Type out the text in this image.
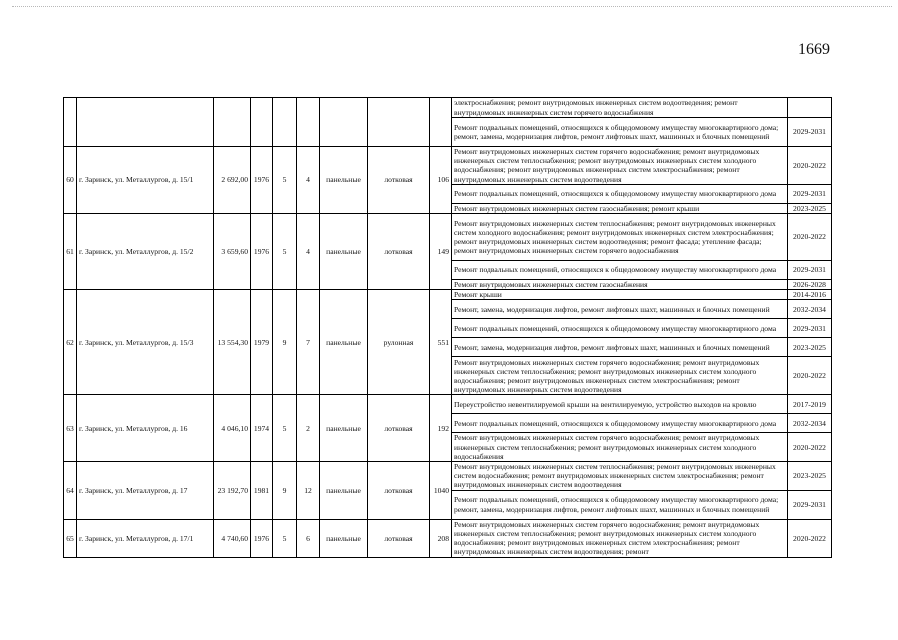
1669
									электроснабжения; ремонт внутридомовых инженерных систем водоотведения; ремонт внутридомовых инженерных систем горячего водоснабжения	
									Ремонт подвальных помещений, относящихся к общедомовому имуществу многоквартирного дома; ремонт, замена, модернизация лифтов, ремонт лифтовых шахт, машинных и блочных помещений	2029-2031
60	г. Заринск, ул. Металлургов, д. 15/1	2 692,00	1976	5	4	панельные	лотковая	106	Ремонт внутридомовых инженерных систем горячего водоснабжения; ремонт внутридомовых инженерных систем теплоснабжения; ремонт внутридомовых инженерных систем холодного водоснабжения; ремонт внутридомовых инженерных систем электроснабжения; ремонт внутридомовых инженерных систем водоотведения	2020-2022
									Ремонт подвальных помещений, относящихся к общедомовому имуществу многоквартирного дома	2029-2031
									Ремонт внутридомовых инженерных систем газоснабжения; ремонт крыши	2023-2025
61	г. Заринск, ул. Металлургов, д. 15/2	3 659,60	1976	5	4	панельные	лотковая	149	Ремонт внутридомовых инженерных систем теплоснабжения; ремонт внутридомовых инженерных систем холодного водоснабжения; ремонт внутридомовых инженерных систем электроснабжения; ремонт внутридомовых инженерных систем водоотведения; ремонт фасада; утепление фасада; ремонт внутридомовых инженерных систем горячего водоснабжения	2020-2022
									Ремонт подвальных помещений, относящихся к общедомовому имуществу многоквартирного дома	2029-2031
									Ремонт внутридомовых инженерных систем газоснабжения	2026-2028
62	г. Заринск, ул. Металлургов, д. 15/3	13 554,30	1979	9	7	панельные	рулонная	551	Ремонт крыши	2014-2016
									Ремонт, замена, модернизация лифтов, ремонт лифтовых шахт, машинных и блочных помещений	2032-2034
									Ремонт подвальных помещений, относящихся к общедомовому имуществу многоквартирного дома	2029-2031
									Ремонт, замена, модернизация лифтов, ремонт лифтовых шахт, машинных и блочных помещений	2023-2025
									Ремонт внутридомовых инженерных систем горячего водоснабжения; ремонт внутридомовых инженерных систем теплоснабжения; ремонт внутридомовых инженерных систем холодного водоснабжения; ремонт внутридомовых инженерных систем электроснабжения; ремонт внутридомовых инженерных систем водоотведения	2020-2022
63	г. Заринск, ул. Металлургов, д. 16	4 046,10	1974	5	2	панельные	лотковая	192	Переустройство невентилируемой крыши на вентилируемую, устройство выходов на кровлю	2017-2019
									Ремонт подвальных помещений, относящихся к общедомовому имуществу многоквартирного дома	2032-2034
									Ремонт внутридомовых инженерных систем горячего водоснабжения; ремонт внутридомовых инженерных систем теплоснабжения; ремонт внутридомовых инженерных систем холодного водоснабжения	2020-2022
64	г. Заринск, ул. Металлургов, д. 17	23 192,70	1981	9	12	панельные	лотковая	1040	Ремонт внутридомовых инженерных систем теплоснабжения; ремонт внутридомовых инженерных систем водоснабжения; ремонт внутридомовых инженерных систем электроснабжения; ремонт внутридомовых инженерных систем водоотведения	2023-2025
									Ремонт подвальных помещений, относящихся к общедомовому имуществу многоквартирного дома; ремонт, замена, модернизация лифтов, ремонт лифтовых шахт, машинных и блочных помещений	2029-2031
65	г. Заринск, ул. Металлургов, д. 17/1	4 740,60	1976	5	6	панельные	лотковая	208	Ремонт внутридомовых инженерных систем горячего водоснабжения; ремонт внутридомовых инженерных систем теплоснабжения; ремонт внутридомовых инженерных систем холодного водоснабжения; ремонт внутридомовых инженерных систем электроснабжения; ремонт внутридомовых инженерных систем водоотведения; ремонт	2020-2022
